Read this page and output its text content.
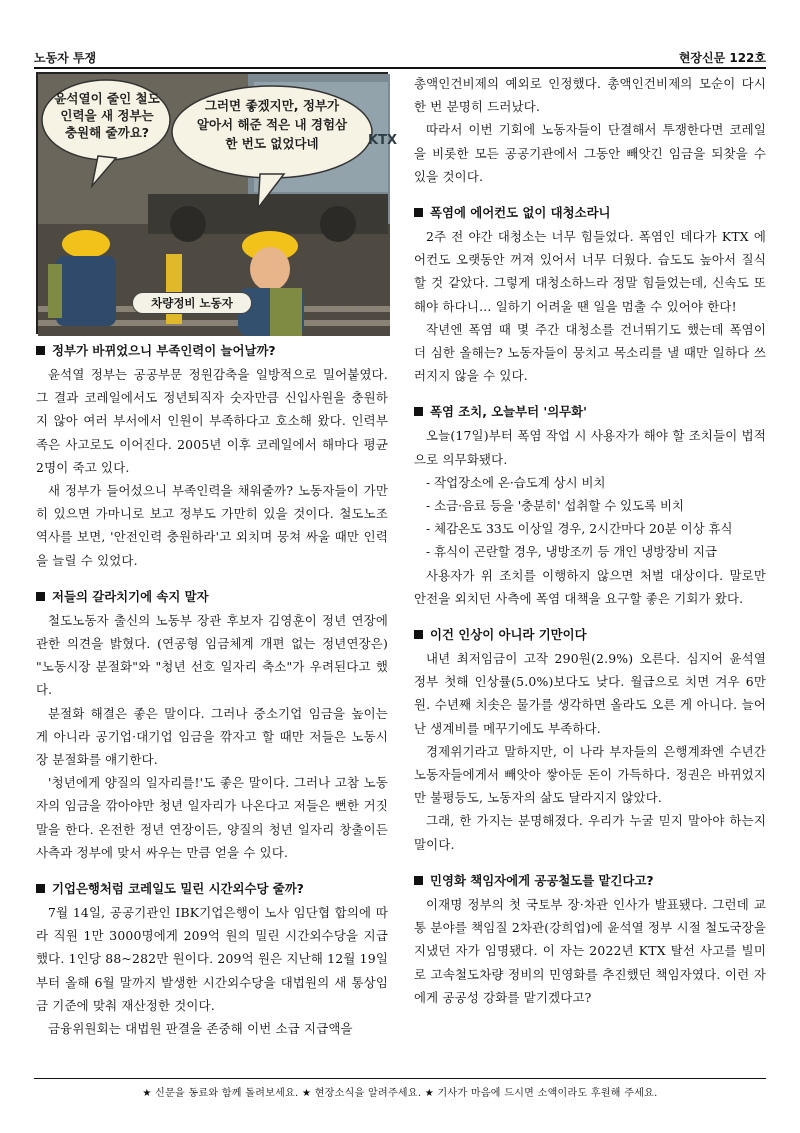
노동자 투쟁	현장신문 122호
KTX
윤석열이 줄인 철도
인력을 새 정부는
충원해 줄까요?
그러면 좋겠지만, 정부가
알아서 해준 적은 내 경험삼
한 번도 없었다네
차량정비 노동자
정부가 바뀌었으니 부족인력이 늘어날까?

윤석열 정부는 공공부문 정원감축을 일방적으로 밀어붙였다. 그 결과 코레일에서도 정년퇴직자 숫자만큼 신입사원을 충원하지 않아 여러 부서에서 인원이 부족하다고 호소해 왔다. 인력부족은 사고로도 이어진다. 2005년 이후 코레일에서 해마다 평균 2명이 죽고 있다.

새 정부가 들어섰으니 부족인력을 채워줄까? 노동자들이 가만히 있으면 가마니로 보고 정부도 가만히 있을 것이다. 철도노조 역사를 보면, '안전인력 충원하라'고 외치며 뭉쳐 싸울 때만 인력을 늘릴 수 있었다.

저들의 갈라치기에 속지 말자

철도노동자 출신의 노동부 장관 후보자 김영훈이 정년 연장에 관한 의견을 밝혔다. (연공형 임금체계 개편 없는 정년연장은) "노동시장 분절화"와 "청년 선호 일자리 축소"가 우려된다고 했다.

분절화 해결은 좋은 말이다. 그러나 중소기업 임금을 높이는 게 아니라 공기업·대기업 임금을 깎자고 할 때만 저들은 노동시장 분절화를 얘기한다.

'청년에게 양질의 일자리를!'도 좋은 말이다. 그러나 고참 노동자의 임금을 깎아야만 청년 일자리가 나온다고 저들은 뻔한 거짓말을 한다. 온전한 정년 연장이든, 양질의 청년 일자리 창출이든 사측과 정부에 맞서 싸우는 만큼 얻을 수 있다.

기업은행처럼 코레일도 밀린 시간외수당 줄까?

7월 14일, 공공기관인 IBK기업은행이 노사 임단협 합의에 따라 직원 1만 3000명에게 209억 원의 밀린 시간외수당을 지급했다. 1인당 88~282만 원이다. 209억 원은 지난해 12월 19일부터 올해 6월 말까지 발생한 시간외수당을 대법원의 새 통상임금 기준에 맞춰 재산정한 것이다.

금융위원회는 대법원 판결을 존중해 이번 소급 지급액을

총액인건비제의 예외로 인정했다. 총액인건비제의 모순이 다시 한 번 분명히 드러났다.

따라서 이번 기회에 노동자들이 단결해서 투쟁한다면 코레일을 비롯한 모든 공공기관에서 그동안 빼앗긴 임금을 되찾을 수 있을 것이다.

폭염에 에어컨도 없이 대청소라니

2주 전 야간 대청소는 너무 힘들었다. 폭염인 데다가 KTX 에어컨도 오랫동안 꺼져 있어서 너무 더웠다. 습도도 높아서 질식할 것 같았다. 그렇게 대청소하느라 정말 힘들었는데, 신속도 또 해야 하다니… 일하기 어려울 땐 일을 멈출 수 있어야 한다!

작년엔 폭염 때 몇 주간 대청소를 건너뛰기도 했는데 폭염이 더 심한 올해는? 노동자들이 뭉치고 목소리를 낼 때만 일하다 쓰러지지 않을 수 있다.

폭염 조치, 오늘부터 '의무화'

오늘(17일)부터 폭염 작업 시 사용자가 해야 할 조치들이 법적으로 의무화됐다.

- 작업장소에 온·습도계 상시 비치
- 소금·음료 등을 '충분히' 섭취할 수 있도록 비치
- 체감온도 33도 이상일 경우, 2시간마다 20분 이상 휴식
- 휴식이 곤란할 경우, 냉방조끼 등 개인 냉방장비 지급

사용자가 위 조치를 이행하지 않으면 처벌 대상이다. 말로만 안전을 외치던 사측에 폭염 대책을 요구할 좋은 기회가 왔다.

이건 인상이 아니라 기만이다

내년 최저임금이 고작 290원(2.9%) 오른다. 심지어 윤석열 정부 첫해 인상률(5.0%)보다도 낮다. 월급으로 치면 겨우 6만 원. 수년째 치솟은 물가를 생각하면 올라도 오른 게 아니다. 늘어난 생계비를 메꾸기에도 부족하다.

경제위기라고 말하지만, 이 나라 부자들의 은행계좌엔 수년간 노동자들에게서 빼앗아 쌓아둔 돈이 가득하다. 정권은 바뀌었지만 불평등도, 노동자의 삶도 달라지지 않았다.

그래, 한 가지는 분명해졌다. 우리가 누굴 믿지 말아야 하는지 말이다.

민영화 책임자에게 공공철도를 맡긴다고?

이재명 정부의 첫 국토부 장·차관 인사가 발표됐다. 그런데 교통 분야를 책임질 2차관(강희업)에 윤석열 정부 시절 철도국장을 지냈던 자가 임명됐다. 이 자는 2022년 KTX 탈선 사고를 빌미로 고속철도차량 정비의 민영화를 추진했던 책임자였다. 이런 자에게 공공성 강화를 맡기겠다고?

★ 신문을 동료와 함께 돌려보세요. ★ 현장소식을 알려주세요. ★ 기사가 마음에 드시면 소액이라도 후원해 주세요.
